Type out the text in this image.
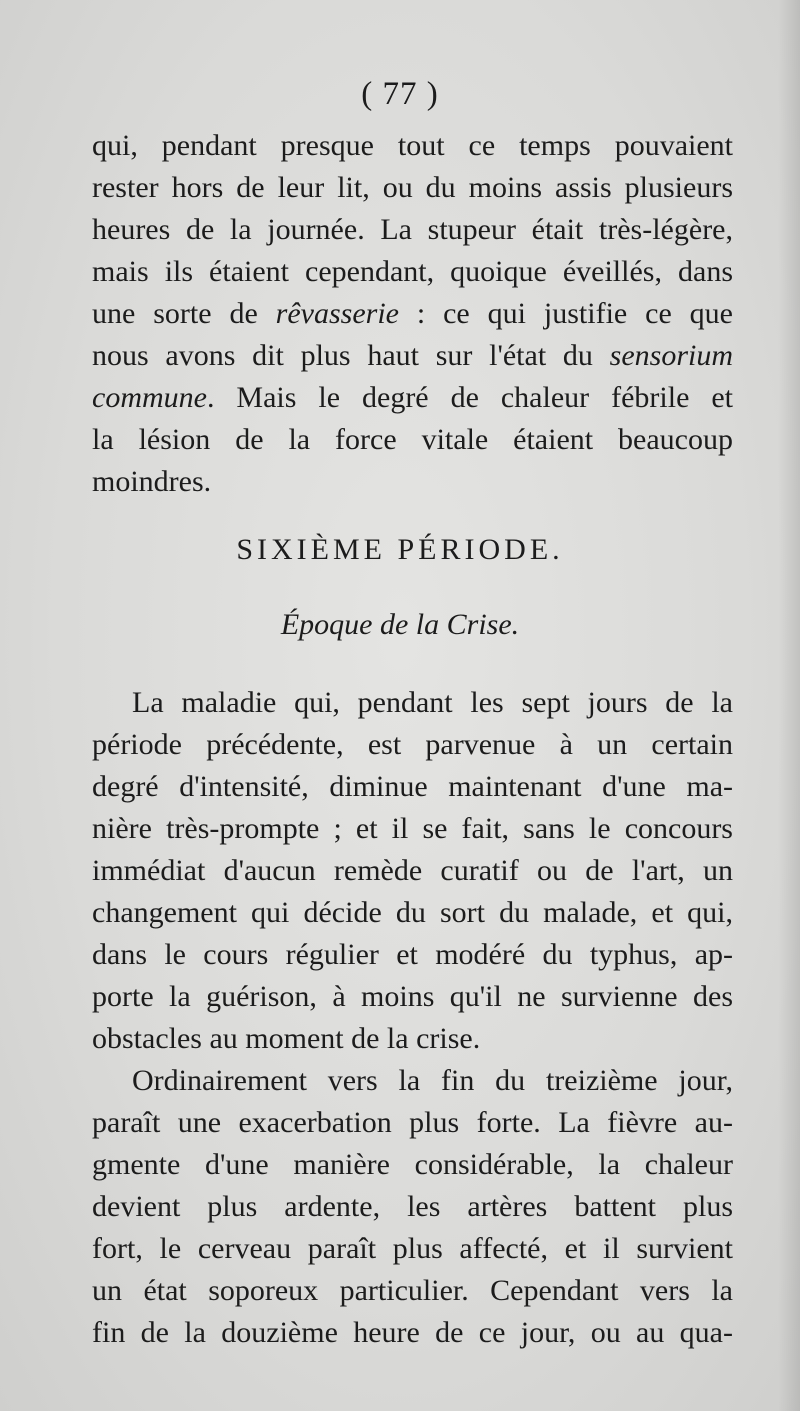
( 77 )
qui, pendant presque tout ce temps pouvaient
rester hors de leur lit, ou du moins assis plusieurs
heures de la journée. La stupeur était très-légère,
mais ils étaient cependant, quoique éveillés, dans
une sorte de rêvasserie : ce qui justifie ce que
nous avons dit plus haut sur l'état du sensorium
commune. Mais le degré de chaleur fébrile et
la lésion de la force vitale étaient beaucoup
moindres.
SIXIÈME PÉRIODE.
Époque de la Crise.
La maladie qui, pendant les sept jours de la
période précédente, est parvenue à un certain
degré d'intensité, diminue maintenant d'une ma-
nière très-prompte ; et il se fait, sans le concours
immédiat d'aucun remède curatif ou de l'art, un
changement qui décide du sort du malade, et qui,
dans le cours régulier et modéré du typhus, ap-
porte la guérison, à moins qu'il ne survienne des
obstacles au moment de la crise.
Ordinairement vers la fin du treizième jour,
paraît une exacerbation plus forte. La fièvre au-
gmente d'une manière considérable, la chaleur
devient plus ardente, les artères battent plus
fort, le cerveau paraît plus affecté, et il survient
un état soporeux particulier. Cependant vers la
fin de la douzième heure de ce jour, ou au qua-
